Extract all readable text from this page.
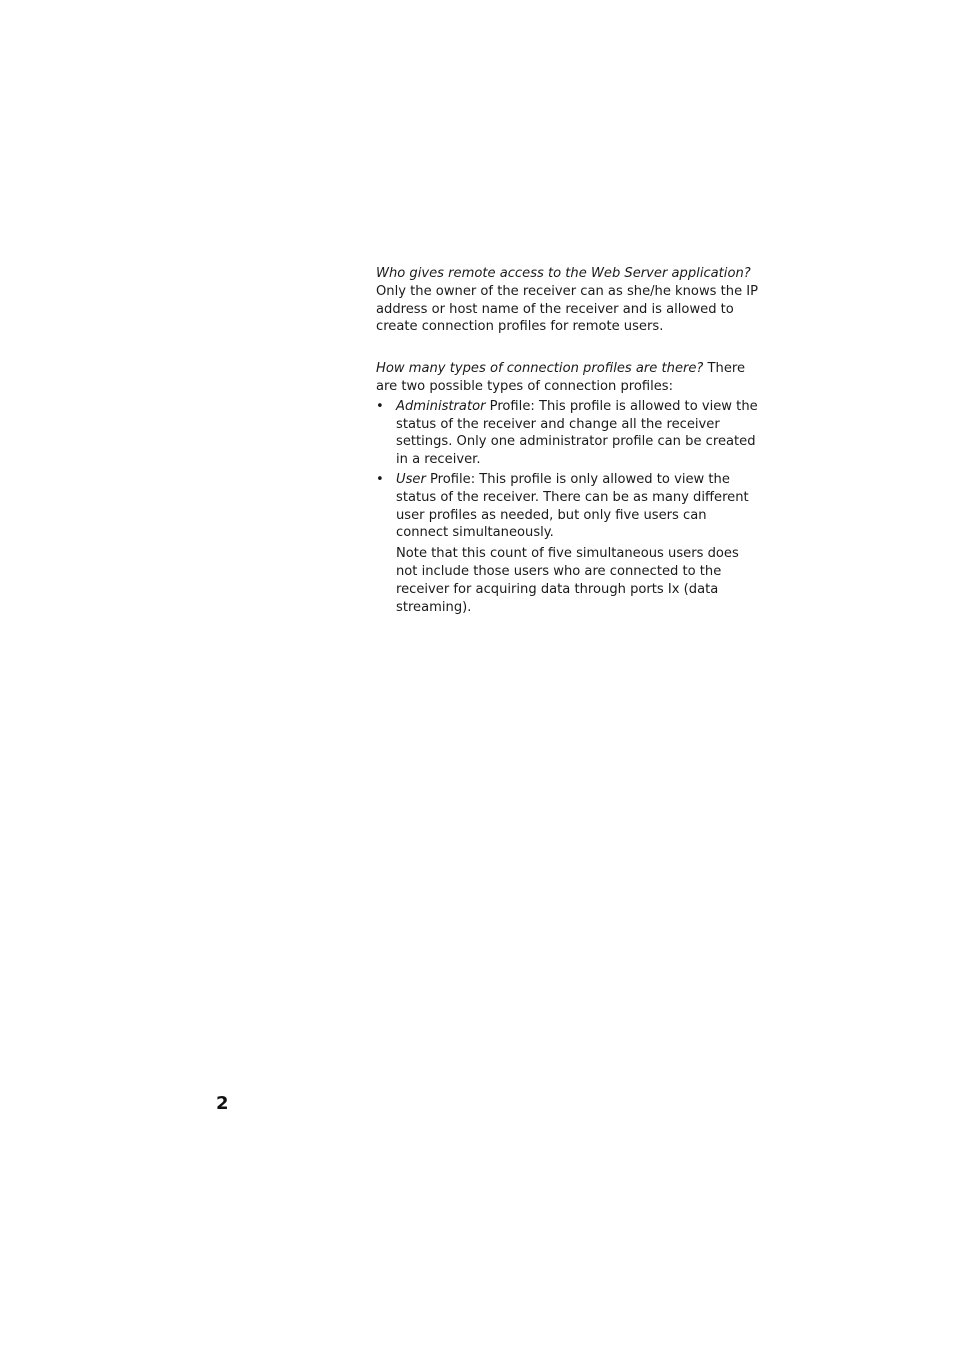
Who gives remote access to the Web Server application? Only the owner of the receiver can as she/he knows the IP address or host name of the receiver and is allowed to create connection profiles for remote users.

How many types of connection profiles are there? There are two possible types of connection profiles:

• Administrator Profile: This profile is allowed to view the status of the receiver and change all the receiver settings. Only one administrator profile can be created in a receiver.
• User Profile: This profile is only allowed to view the status of the receiver. There can be as many different user profiles as needed, but only five users can connect simultaneously.

Note that this count of five simultaneous users does not include those users who are connected to the receiver for acquiring data through ports Ix (data streaming).

2
